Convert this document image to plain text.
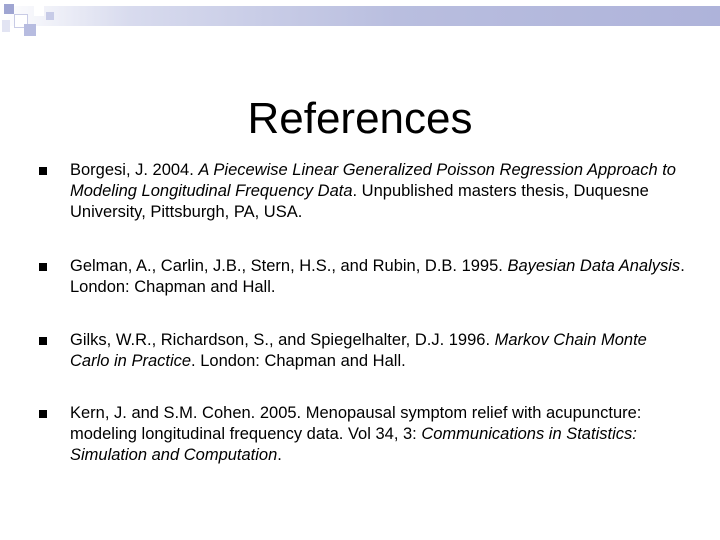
References
Borgesi, J. 2004. A Piecewise Linear Generalized Poisson Regression Approach to Modeling Longitudinal Frequency Data. Unpublished masters thesis, Duquesne University, Pittsburgh, PA, USA.
Gelman, A., Carlin, J.B., Stern, H.S., and Rubin, D.B. 1995. Bayesian Data Analysis. London: Chapman and Hall.
Gilks, W.R., Richardson, S., and Spiegelhalter, D.J. 1996. Markov Chain Monte Carlo in Practice. London: Chapman and Hall.
Kern, J. and S.M. Cohen. 2005. Menopausal symptom relief with acupuncture: modeling longitudinal frequency data. Vol 34, 3: Communications in Statistics: Simulation and Computation.
